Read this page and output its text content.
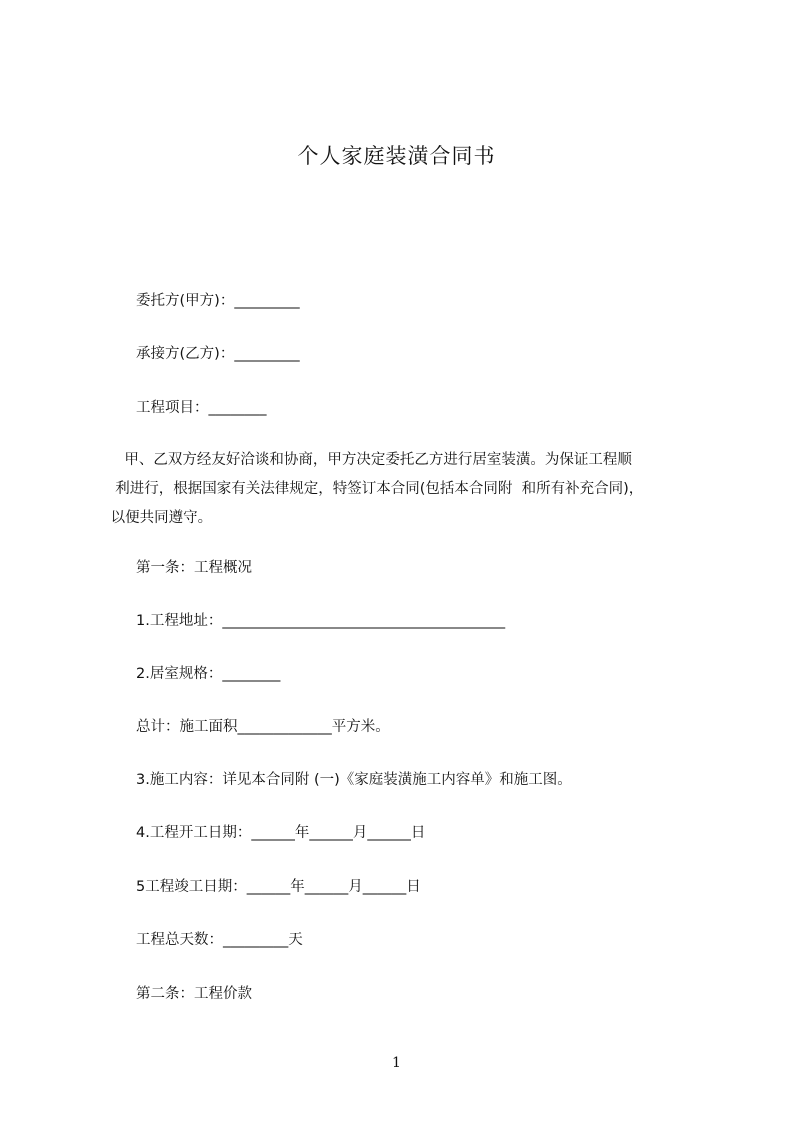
个人家庭装潢合同书
委托方(甲方)：_________
承接方(乙方)：_________
工程项目：________
甲、乙双方经友好洽谈和协商，甲方决定委托乙方进行居室装潢。为保证工程顺
利进行，根据国家有关法律规定，特签订本合同(包括本合同附  和所有补充合同)，
以便共同遵守。
第一条：工程概况
1.工程地址：_______________________________________
2.居室规格：________
总计：施工面积_____________平方米。
3.施工内容：详见本合同附 (一)《家庭装潢施工内容单》和施工图。
4.工程开工日期：______年______月______日
5工程竣工日期：______年______月______日
工程总天数：_________天
第二条：工程价款
1
